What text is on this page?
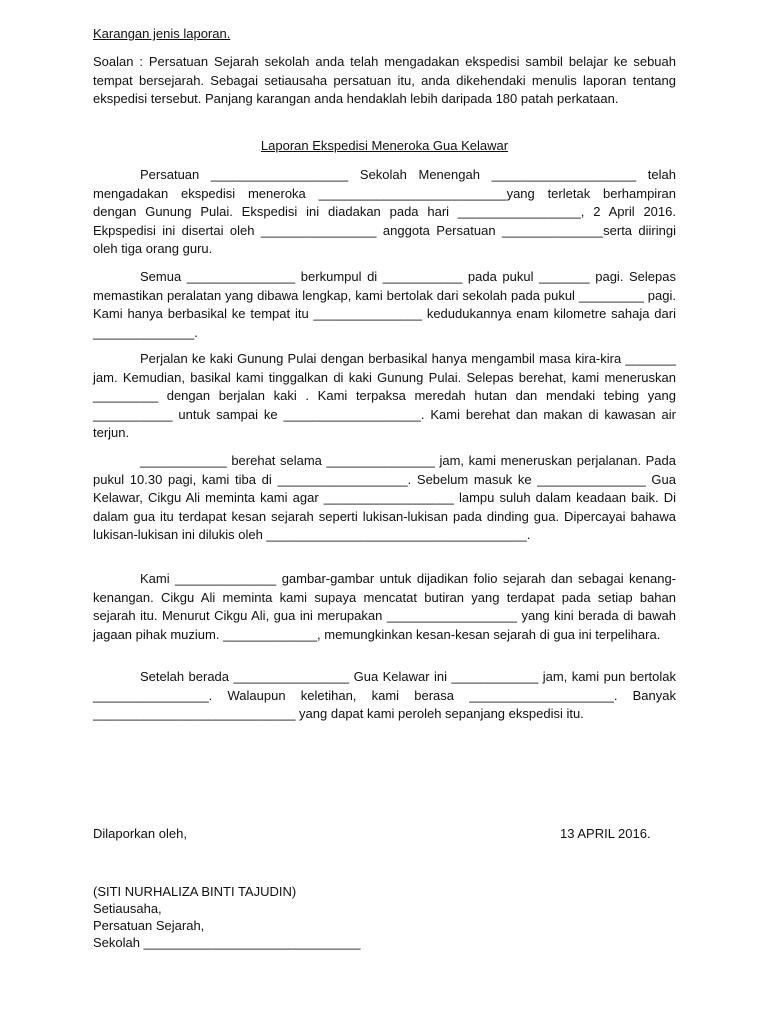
Karangan jenis laporan.

Soalan : Persatuan Sejarah sekolah anda telah mengadakan ekspedisi sambil belajar ke sebuah tempat bersejarah. Sebagai setiausaha persatuan itu, anda dikehendaki menulis laporan tentang ekspedisi tersebut. Panjang karangan anda hendaklah lebih daripada 180 patah perkataan.

Laporan Ekspedisi Meneroka Gua Kelawar

Persatuan ___________________ Sekolah Menengah ____________________ telah mengadakan ekspedisi meneroka __________________________yang terletak berhampiran dengan Gunung Pulai. Ekspedisi ini diadakan pada hari _________________, 2 April 2016. Ekpspedisi ini disertai oleh ________________ anggota Persatuan ______________serta diiringi oleh tiga orang guru.

Semua _______________ berkumpul di ___________ pada pukul _______ pagi. Selepas memastikan peralatan yang dibawa lengkap, kami bertolak dari sekolah pada pukul _________ pagi. Kami hanya berbasikal ke tempat itu _______________ kedudukannya enam kilometre sahaja dari ______________.

Perjalan ke kaki Gunung Pulai dengan berbasikal hanya mengambil masa kira-kira _______ jam. Kemudian, basikal kami tinggalkan di kaki Gunung Pulai. Selepas berehat, kami meneruskan _________ dengan berjalan kaki . Kami terpaksa meredah hutan dan mendaki tebing yang ___________ untuk sampai ke ___________________. Kami berehat dan makan di kawasan air terjun.

____________ berehat selama _______________ jam, kami meneruskan perjalanan. Pada pukul 10.30 pagi, kami tiba di __________________. Sebelum masuk ke _______________ Gua Kelawar, Cikgu Ali meminta kami agar __________________ lampu suluh dalam keadaan baik. Di dalam gua itu terdapat kesan sejarah seperti lukisan-lukisan pada dinding gua. Dipercayai bahawa lukisan-lukisan ini dilukis oleh ____________________________________.

Kami ______________ gambar-gambar untuk dijadikan folio sejarah dan sebagai kenang-kenangan. Cikgu Ali meminta kami supaya mencatat butiran yang terdapat pada setiap bahan sejarah itu. Menurut Cikgu Ali, gua ini merupakan __________________ yang kini berada di bawah jagaan pihak muzium. _____________, memungkinkan kesan-kesan sejarah di gua ini terpelihara.

Setelah berada ________________ Gua Kelawar ini ____________ jam, kami pun bertolak ________________. Walaupun keletihan, kami berasa ____________________. Banyak ____________________________ yang dapat kami peroleh sepanjang ekspedisi itu.

Dilaporkan oleh,	13 APRIL 2016.
(SITI NURHALIZA BINTI TAJUDIN)
Setiausaha,
Persatuan Sejarah,
Sekolah ______________________________
